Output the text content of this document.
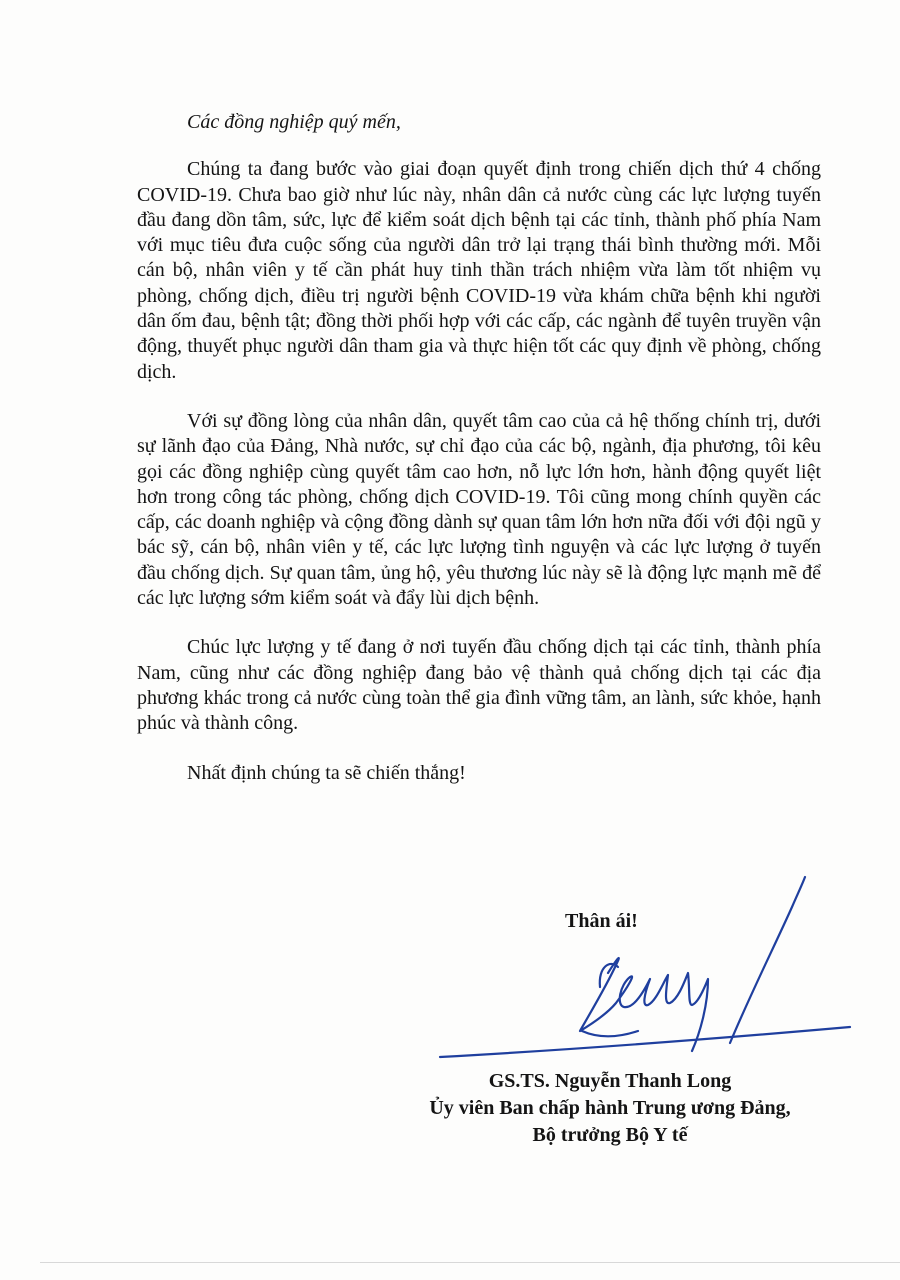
Các đồng nghiệp quý mến,

Chúng ta đang bước vào giai đoạn quyết định trong chiến dịch thứ 4 chống COVID-19. Chưa bao giờ như lúc này, nhân dân cả nước cùng các lực lượng tuyến đầu đang dồn tâm, sức, lực để kiểm soát dịch bệnh tại các tỉnh, thành phố phía Nam với mục tiêu đưa cuộc sống của người dân trở lại trạng thái bình thường mới. Mỗi cán bộ, nhân viên y tế cần phát huy tinh thần trách nhiệm vừa làm tốt nhiệm vụ phòng, chống dịch, điều trị người bệnh COVID-19 vừa khám chữa bệnh khi người dân ốm đau, bệnh tật; đồng thời phối hợp với các cấp, các ngành để tuyên truyền vận động, thuyết phục người dân tham gia và thực hiện tốt các quy định về phòng, chống dịch.

Với sự đồng lòng của nhân dân, quyết tâm cao của cả hệ thống chính trị, dưới sự lãnh đạo của Đảng, Nhà nước, sự chỉ đạo của các bộ, ngành, địa phương, tôi kêu gọi các đồng nghiệp cùng quyết tâm cao hơn, nỗ lực lớn hơn, hành động quyết liệt hơn trong công tác phòng, chống dịch COVID-19. Tôi cũng mong chính quyền các cấp, các doanh nghiệp và cộng đồng dành sự quan tâm lớn hơn nữa đối với đội ngũ y bác sỹ, cán bộ, nhân viên y tế, các lực lượng tình nguyện và các lực lượng ở tuyến đầu chống dịch. Sự quan tâm, ủng hộ, yêu thương lúc này sẽ là động lực mạnh mẽ để các lực lượng sớm kiểm soát và đẩy lùi dịch bệnh.

Chúc lực lượng y tế đang ở nơi tuyến đầu chống dịch tại các tỉnh, thành phía Nam, cũng như các đồng nghiệp đang bảo vệ thành quả chống dịch tại các địa phương khác trong cả nước cùng toàn thể gia đình vững tâm, an lành, sức khỏe, hạnh phúc và thành công.

Nhất định chúng ta sẽ chiến thắng!

Thân ái!
GS.TS. Nguyễn Thanh Long
Ủy viên Ban chấp hành Trung ương Đảng,
Bộ trưởng Bộ Y tế
